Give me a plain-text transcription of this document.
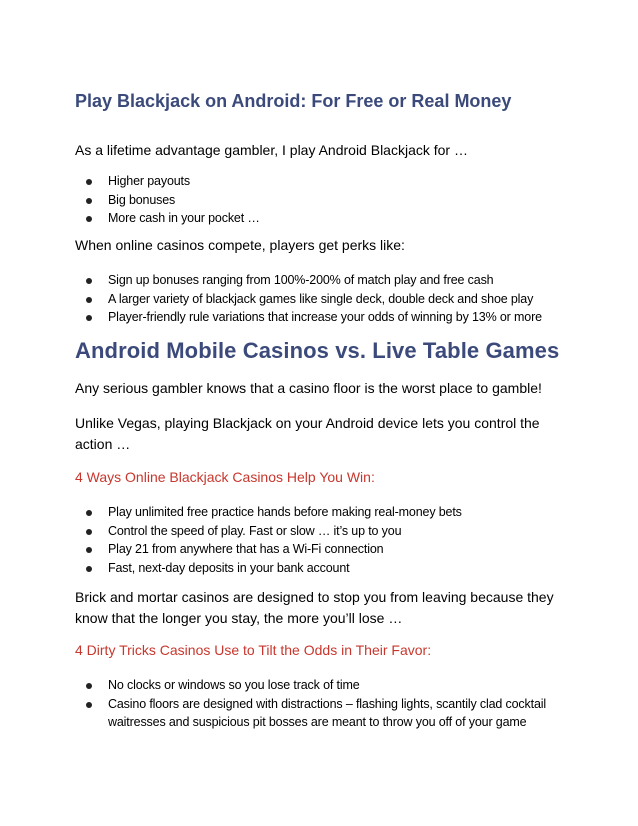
Play Blackjack on Android: For Free or Real Money

As a lifetime advantage gambler, I play Android Blackjack for …

Higher payouts
Big bonuses
More cash in your pocket …

When online casinos compete, players get perks like:

Sign up bonuses ranging from 100%-200% of match play and free cash
A larger variety of blackjack games like single deck, double deck and shoe play
Player-friendly rule variations that increase your odds of winning by 13% or more
Android Mobile Casinos vs. Live Table Games

Any serious gambler knows that a casino floor is the worst place to gamble!

Unlike Vegas, playing Blackjack on your Android device lets you control the action …

4 Ways Online Blackjack Casinos Help You Win:

Play unlimited free practice hands before making real-money bets
Control the speed of play. Fast or slow … it’s up to you
Play 21 from anywhere that has a Wi-Fi connection
Fast, next-day deposits in your bank account

Brick and mortar casinos are designed to stop you from leaving because they know that the longer you stay, the more you’ll lose …

4 Dirty Tricks Casinos Use to Tilt the Odds in Their Favor:

No clocks or windows so you lose track of time
Casino floors are designed with distractions – flashing lights, scantily clad cocktail waitresses and suspicious pit bosses are meant to throw you off of your game
